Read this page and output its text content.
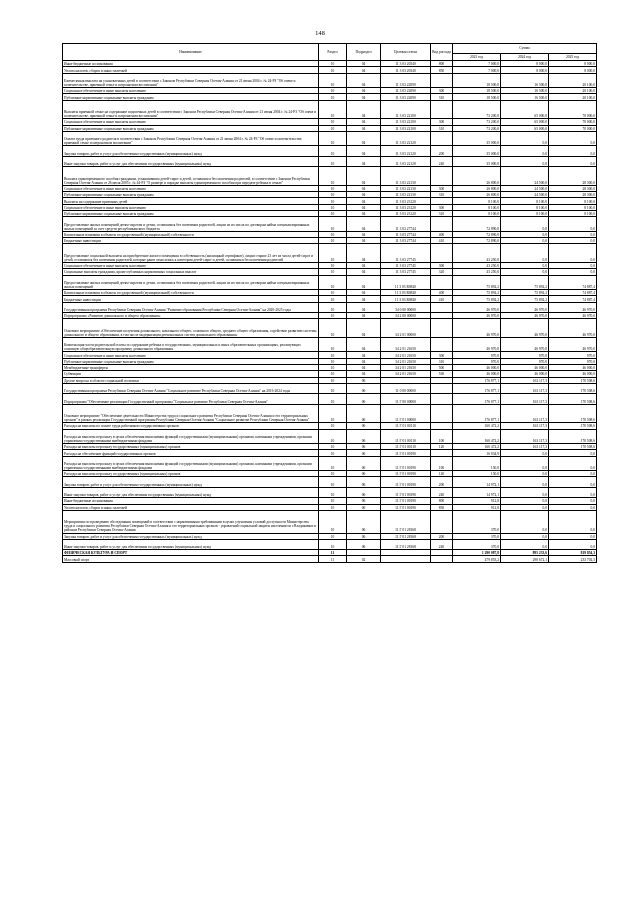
148
Наименование	Раздел	Подраздел	Целевая статья	Вид расхода	Сумма		
					2023 год	2024 год	2025 год
Иные бюджетные ассигнования	10	04	11 3 03 20340	800	7 000,0	8 000,0	8 000,0
Уплата налогов, сборов и иных платежей	10	04	11 3 03 20340	850	7 000,0	8 000,0	8 000,0
Ежемесячная выплата на усыновленных детей в соответствии с Законом Республики Северная Осетия-Алания от 21 июня 2004 г. № 24-РЗ "Об опеке и попечительстве, приемной семье и патронатном воспитании"	10	04	11 3 03 22090		18 500,0	16 500,0	20 100,0
Социальное обеспечение и иные выплаты населению	10	04	11 3 03 22090	300	18 500,0	16 500,0	20 100,0
Публичные нормативные социальные выплаты гражданам	10	04	11 3 03 22090	310	18 500,0	16 500,0	20 100,0
Выплаты приемной семье на содержание подопечных детей в соответствии с Законом Республики Северная Осетия-Алания от 21 июня 2004 г. № 24-РЗ "Об опеке и попечительстве, приемной семье и патронатном воспитании"	10	04	11 3 03 22100		73 200,0	65 000,0	70 000,0
Социальное обеспечение и иные выплаты населению	10	04	11 3 03 22100	300	73 200,0	65 000,0	70 000,0
Публичные нормативные социальные выплаты гражданам	10	04	11 3 03 22100	310	73 200,0	65 000,0	70 000,0
Оплата труда приемного родителя в соответствии с Законом Республики Северная Осетия-Алания от 21 июня 2004 г. № 24-РЗ "Об опеке и попечительстве, приемной семье и патронатном воспитании"	10	04	11 3 03 22120		35 000,0	0,0	0,0
Закупка товаров, работ и услуг для обеспечения государственных (муниципальных) нужд	10	04	11 3 03 22120	200	35 000,0	0,0	0,0
Иные закупки товаров, работ и услуг для обеспечения государственных (муниципальных) нужд	10	04	11 3 03 22120	240	35 000,0	0,0	0,0
Выплата единовременного пособия гражданам, усыновившим детей-сирот и детей, оставшихся без попечения родителей, в соответствии с Законом Республики Северная Осетия-Алания от 26 июля 2005 г. № 44-РЗ "О размере и порядке выплаты единовременного пособия при передаче ребенка в семью"	10	04	11 3 03 22130		26 800,0	24 500,0	28 300,0
Социальное обеспечение и иные выплаты населению	10	04	11 3 03 22130	300	26 800,0	24 500,0	28 300,0
Публичные нормативные социальные выплаты гражданам	10	04	11 3 03 22130	310	26 800,0	24 500,0	28 300,0
Выплаты на содержание приемных детей	10	04	11 3 03 23120		8 100,0	8 100,0	8 100,0
Социальное обеспечение и иные выплаты населению	10	04	11 3 03 23120	300	8 100,0	8 100,0	8 100,0
Публичные нормативные социальные выплаты гражданам	10	04	11 3 03 23120	310	8 100,0	8 100,0	8 100,0
Предоставление жилых помещений детям-сиротам и детям, оставшимся без попечения родителей, лицам из их числа по договорам найма специализированных жилых помещений за счет средств республиканского бюджета	10	04	11 3 03 27744		72 890,0	0,0	0,0
Капитальные вложения в объекты государственной (муниципальной) собственности	10	04	11 3 03 27744	400	72 890,0	0,0	0,0
Бюджетные инвестиции	10	04	11 3 03 27744	410	72 890,0	0,0	0,0
Предоставление социальной выплаты на приобретение жилого помещения в собственность (жилищный сертификат), лицам старше 23 лет из числа детей-сирот и детей, оставшихся без попечения родителей, которые ранее относились к категории детей-сирот и детей, оставшихся без попечения родителей	10	04	11 3 03 27745		43 250,0	0,0	0,0
Социальное обеспечение и иные выплаты населению	10	04	11 3 03 27745	300	43 250,0	0,0	0,0
Социальные выплаты гражданам, кроме публичных нормативных социальных выплат	10	04	11 3 03 27745	320	43 250,0	0,0	0,0
Предоставление жилых помещений детям-сиротам и детям, оставшимся без попечения родителей, лицам из их числа по договорам найма специализированных жилых помещений	10	04	11 3 03 R0820		75 892,2	75 892,2	74 887,4
Капитальные вложения в объекты государственной (муниципальной) собственности	10	04	11 3 03 R0820	400	75 892,2	75 892,2	74 887,4
Бюджетные инвестиции	10	04	11 3 03 R0820	410	75 892,2	75 892,2	74 887,4
Государственная программа Республики Северная Осетия-Алания "Развитие образования Республики Северная Осетия-Алания" на 2020-2025 годы	10	04	34 0 00 00000		46 970,0	46 970,0	46 970,0
Подпрограмма «Развитие дошкольного и общего образования»	10	04	34 2 00 00000		46 970,0	46 970,0	46 970,0
Основное мероприятие «Обеспечение получения дошкольного, начального общего, основного общего, среднего общего образования, содействие развитию системы дошкольного и общего образования, в том числе модернизация региональных систем дошкольного образования»	10	04	34 2 01 00000		46 970,0	46 970,0	46 970,0
Компенсация части родительской платы за содержание ребенка в государственных, муниципальных и иных образовательных организациях, реализующих основную общеобразовательную программу дошкольного образования	10	04	34 2 01 21650		46 970,0	46 970,0	46 970,0
Социальное обеспечение и иные выплаты населению	10	04	34 2 01 21650	300	970,0	970,0	970,0
Публичные нормативные социальные выплаты гражданам	10	04	34 2 01 21650	310	970,0	970,0	970,0
Межбюджетные трансферты	10	04	34 2 01 21650	500	46 000,0	46 000,0	46 000,0
Субвенции	10	04	34 2 01 21650	530	46 000,0	46 000,0	46 000,0
Другие вопросы в области социальной политики	10	06			176 877,1	163 117,3	170 508,6
Государственная программа Республики Северная Осетия-Алания "Социальное развитие Республики Северная Осетия-Алания" на 2016-2024 годы	10	06	11 0 00 00000		176 877,1	163 117,3	170 508,6
Подпрограмма "Обеспечение реализации Государственной программы "Социальное развитие Республики Северная Осетия-Алания"	10	06	11 Г 00 00000		176 877,1	163 117,3	170 508,6
Основное мероприятие "Обеспечение деятельности Министерства труда и социального развития Республики Северная Осетия-Алания и его территориальных органов" в рамках реализации Государственной программы Республики Северная Осетия-Алания "Социальное развитие Республики Северная Осетия-Алания"	10	06	11 Г 01 00000		176 877,1	163 117,3	170 508,6
Расходы на выплаты по оплате труда работников государственных органов	10	06	11 Г 01 00110		160 472,2	163 117,3	170 508,6
Расходы на выплаты персоналу в целях обеспечения выполнения функций государственными (муниципальными) органами, казенными учреждениями, органами управления государственными внебюджетными фондами	10	06	11 Г 01 00110	100	160 472,2	163 117,3	170 508,6
Расходы на выплаты персоналу государственных (муниципальных) органов	10	06	11 Г 01 00110	120	160 472,2	163 117,3	170 508,6
Расходы на обеспечение функций государственных органов	10	06	11 Г 01 00190		16 034,9	0,0	0,0
Расходы на выплаты персоналу в целях обеспечения выполнения функций государственными (муниципальными) органами, казенными учреждениями, органами управления государственными внебюджетными фондами	10	06	11 Г 01 00190	100	150,0	0,0	0,0
Расходы на выплаты персоналу государственных (муниципальных) органов	10	06	11 Г 01 00190	120	150,0	0,0	0,0
Закупка товаров, работ и услуг для обеспечения государственных (муниципальных) нужд	10	06	11 Г 01 00190	200	14 972,1	0,0	0,0
Иные закупки товаров, работ и услуг для обеспечения государственных (муниципальных) нужд	10	06	11 Г 01 00190	240	14 972,1	0,0	0,0
Иные бюджетные ассигнования	10	06	11 Г 01 00190	800	912,8	0,0	0,0
Уплата налогов, сборов и иных платежей	10	06	11 Г 01 00190	850	912,8	0,0	0,0
Мероприятия по проведению обследования помещений в соответствии с нормативными требованиями в целях улучшения условий доступности Министерства труда и социального развития Республики Северная Осетия-Алания и его территориальных органов - управлений социальной защиты населения по г.Владикавказ и районам Республики Северная Осетия-Алания	10	06	11 Г 01 28168		370,0	0,0	0,0
Закупка товаров, работ и услуг для обеспечения государственных (муниципальных) нужд	10	06	11 Г 01 28168	200	370,0	0,0	0,0
Иные закупки товаров, работ и услуг для обеспечения государственных (муниципальных) нужд	10	06	11 Г 01 28168	240	370,0	0,0	0,0
ФИЗИЧЕСКАЯ КУЛЬТУРА И СПОРТ	11				1 290 087,8	895 233,6	819 854,3
Массовый спорт	11	02			479 853,2	298 672,1	233 702,5
